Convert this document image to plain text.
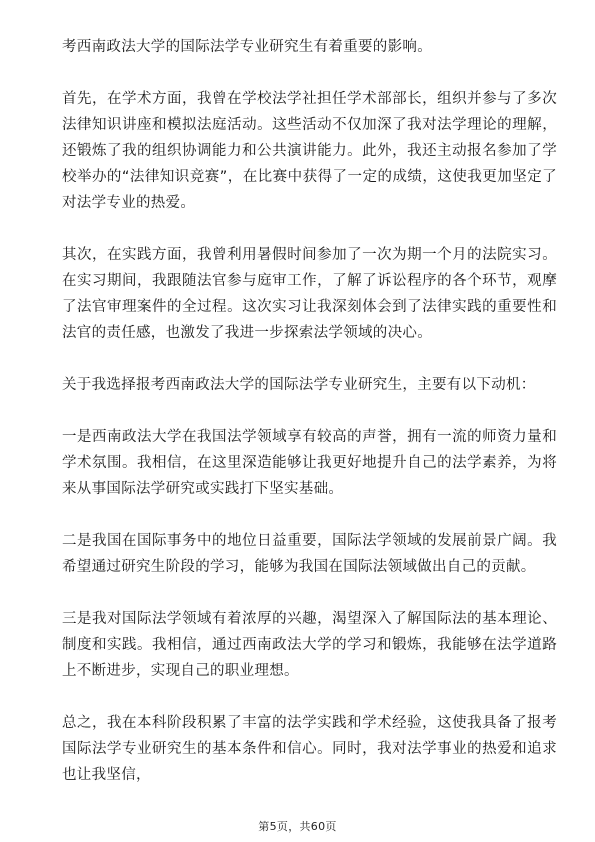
考西南政法大学的国际法学专业研究生有着重要的影响。

首先，在学术方面，我曾在学校法学社担任学术部部长，组织并参与了多次法律知识讲座和模拟法庭活动。这些活动不仅加深了我对法学理论的理解，还锻炼了我的组织协调能力和公共演讲能力。此外，我还主动报名参加了学校举办的“法律知识竞赛”，在比赛中获得了一定的成绩，这使我更加坚定了对法学专业的热爱。

其次，在实践方面，我曾利用暑假时间参加了一次为期一个月的法院实习。在实习期间，我跟随法官参与庭审工作，了解了诉讼程序的各个环节，观摩了法官审理案件的全过程。这次实习让我深刻体会到了法律实践的重要性和法官的责任感，也激发了我进一步探索法学领域的决心。

关于我选择报考西南政法大学的国际法学专业研究生，主要有以下动机：

一是西南政法大学在我国法学领域享有较高的声誉，拥有一流的师资力量和学术氛围。我相信，在这里深造能够让我更好地提升自己的法学素养，为将来从事国际法学研究或实践打下坚实基础。

二是我国在国际事务中的地位日益重要，国际法学领域的发展前景广阔。我希望通过研究生阶段的学习，能够为我国在国际法领域做出自己的贡献。

三是我对国际法学领域有着浓厚的兴趣，渴望深入了解国际法的基本理论、制度和实践。我相信，通过西南政法大学的学习和锻炼，我能够在法学道路上不断进步，实现自己的职业理想。

总之，我在本科阶段积累了丰富的法学实践和学术经验，这使我具备了报考国际法学专业研究生的基本条件和信心。同时，我对法学事业的热爱和追求也让我坚信，

第5页，共60页
